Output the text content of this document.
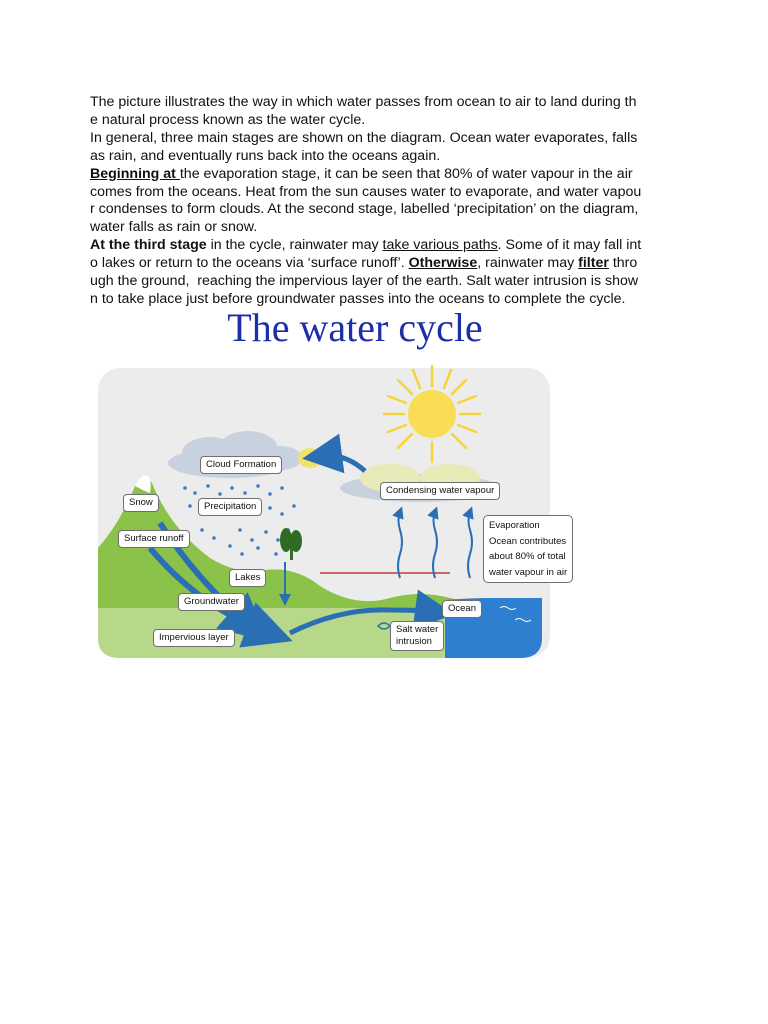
The picture illustrates the way in which water passes from ocean to air to land during th
e natural process known as the water cycle.

In general, three main stages are shown on the diagram. Ocean water evaporates, falls
as rain, and eventually runs back into the oceans again.

Beginning at the evaporation stage, it can be seen that 80% of water vapour in the air
comes from the oceans. Heat from the sun causes water to evaporate, and water vapou
r condenses to form clouds. At the second stage, labelled ‘precipitation’ on the diagram,
water falls as rain or snow.

At the third stage in the cycle, rainwater may take various paths. Some of it may fall int
o lakes or return to the oceans via ‘surface runoff’. Otherwise, rainwater may filter thro
ugh the ground,  reaching the impervious layer of the earth. Salt water intrusion is show
n to take place just before groundwater passes into the oceans to complete the cycle.

The water cycle
Cloud Formation
Condensing water vapour
Snow	Precipitation
Surface runoff
Lakes
Groundwater
Impervious layer
Ocean
Salt water
intrusion
Evaporation
Ocean contributes
about 80% of total
water vapour in air
